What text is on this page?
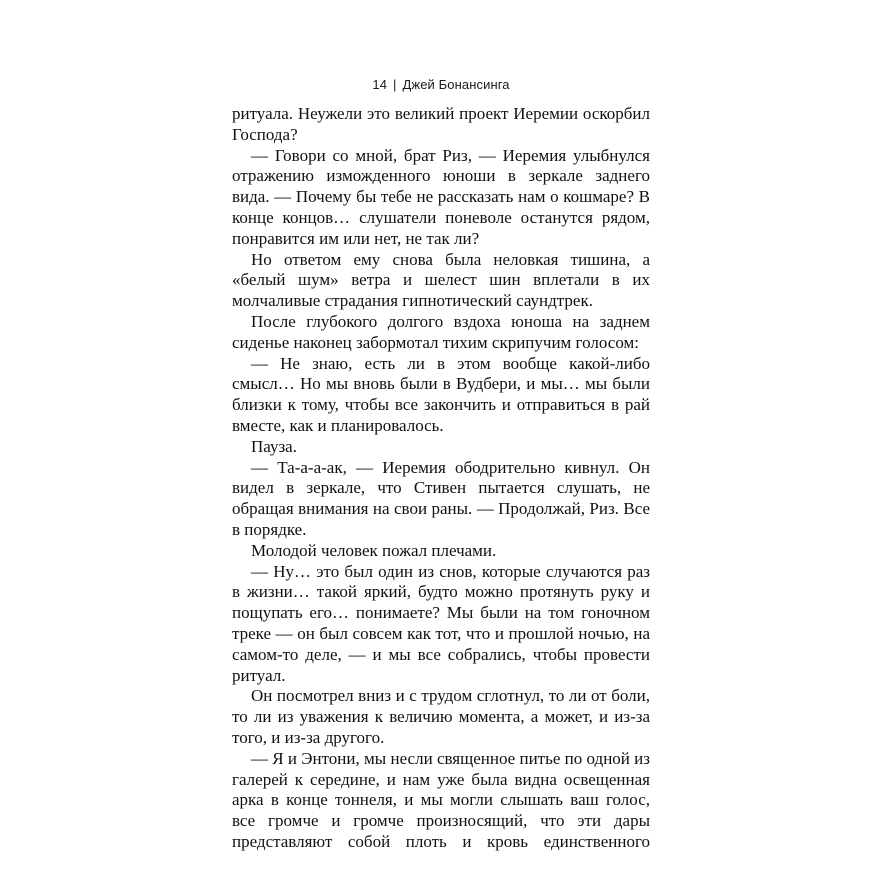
14 | Джей Бонансинга

ритуала. Неужели это великий проект Иеремии оскорбил Господа?

— Говори со мной, брат Риз, — Иеремия улыбнулся отражению изможденного юноши в зеркале заднего вида. — Почему бы тебе не рассказать нам о кошмаре? В конце концов… слушатели поневоле останутся рядом, понравится им или нет, не так ли?

Но ответом ему снова была неловкая тишина, а «белый шум» ветра и шелест шин вплетали в их молчаливые страдания гипнотический саундтрек.

После глубокого долгого вздоха юноша на заднем сиденье наконец забормотал тихим скрипучим голосом:

— Не знаю, есть ли в этом вообще какой-либо смысл… Но мы вновь были в Вудбери, и мы… мы были близки к тому, чтобы все закончить и отправиться в рай вместе, как и планировалось.

Пауза.

— Та-а-а-ак, — Иеремия ободрительно кивнул. Он видел в зеркале, что Стивен пытается слушать, не обращая внимания на свои раны. — Продолжай, Риз. Все в порядке.

Молодой человек пожал плечами.

— Ну… это был один из снов, которые случаются раз в жизни… такой яркий, будто можно протянуть руку и пощупать его… понимаете? Мы были на том гоночном треке — он был совсем как тот, что и прошлой ночью, на самом-то деле, — и мы все собрались, чтобы провести ритуал.

Он посмотрел вниз и с трудом сглотнул, то ли от боли, то ли из уважения к величию момента, а может, и из-за того, и из-за другого.

— Я и Энтони, мы несли священное питье по одной из галерей к середине, и нам уже была видна освещенная арка в конце тоннеля, и мы могли слышать ваш голос, все громче и громче произносящий, что эти дары представляют собой плоть и кровь единственного
